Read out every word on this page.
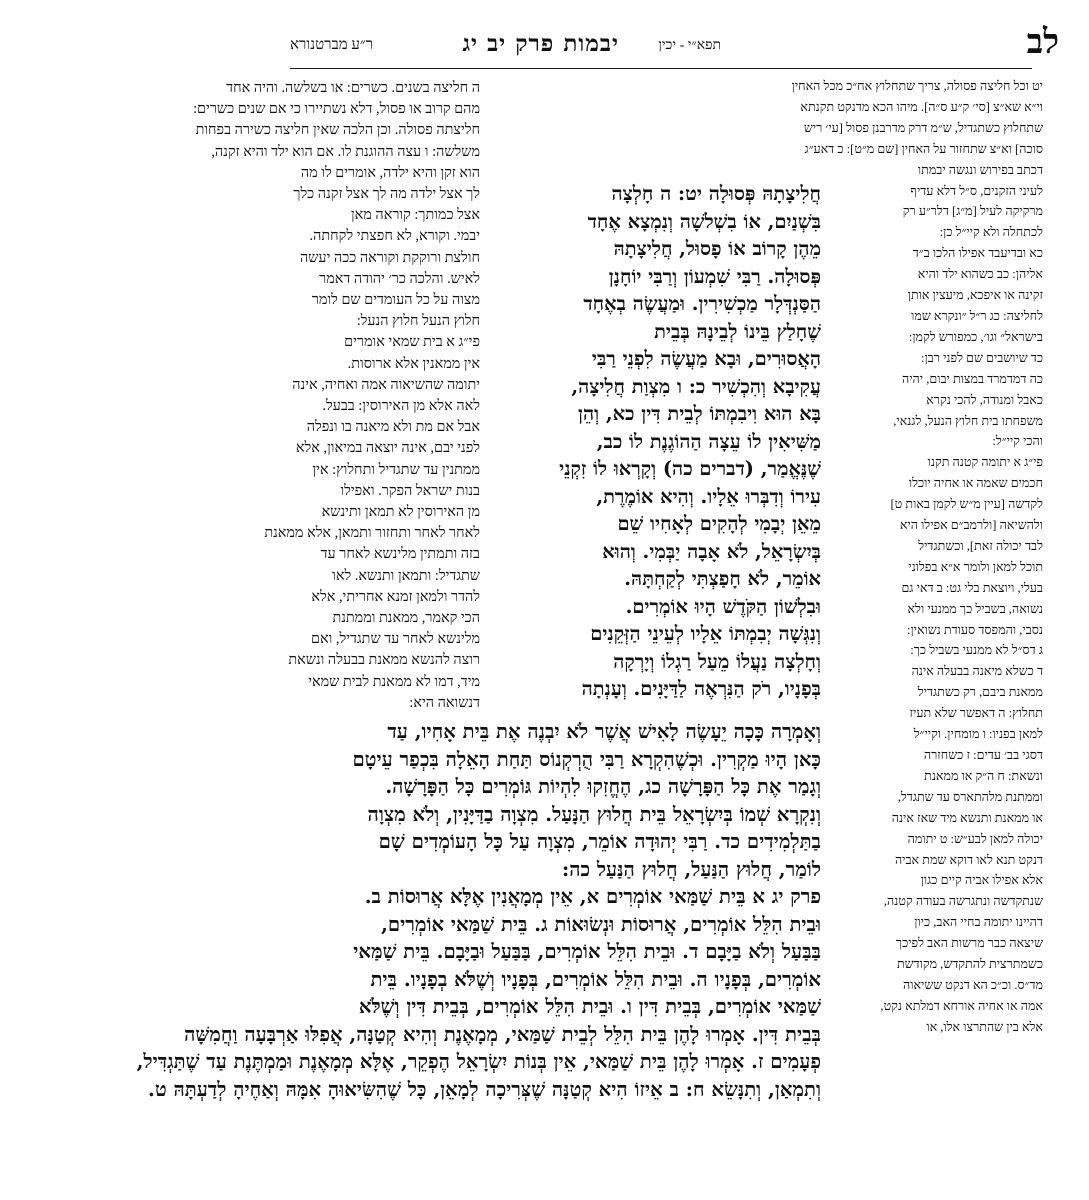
לב
תפא״י - יכין
יבמות פרק יב יג
ר״ע מברטנורא
יט וכל חליצה פסולה, צריך שתחלוץ אח״כ מכל האחין
וי״א שא״צ [סי׳ ק״ע ס״ה]. מיהו הכא מדנקט תקנתא
שתחלוץ כשתגדיל, ש״מ דרק מדרבנן פסול [עי׳ ריש
סוכה] וא״צ שתחזור על האחין [שם מ״ט]: כ דאע״ג
דכתב בפירוש ונגשה יבמתו
לעיני הזקנים, ס״ל דלא עדיף
מרקיקה לעיל [מ״ג] דלר״ע רק
לכתחלה ולא קיי״ל כן:
כא ובדיעבד אפילו הלכו ב״ד
אליהן: כב כשהוא ילד והיא
זקינה או איפכא, מיעצין אותן
לחליצה: כג ר״ל ״ונקרא שמו
בישראל״ וגו׳, כמפורש לקמן:
כד שיושבים שם לפני רבן:
כה דמדמרד במצות יבום, יהיה
כאבל ומנודה, להכי נקרא
משפחתו בית חלוץ הנעל, לגנאי,
והכי קיי״ל:
פי״ג א יתומה קטנה תקנו
חכמים שאמה או אחיה יוכלו
לקדשה [עיין מ״ש לקמן באות ט]
ולהשיאה [ולרמב״ם אפילו היא
לבד יכולה זאת], וכשתגדיל
תוכל למאן ולומר א״א בפלוני
בעלי, ויוצאת בלי גט: ב דאי גם
נשואה, בשביל כך ממנעי ולא
נסבי, והמפסד סעודת נשואין:
ג דס״ל לא ממנעי בשביל כך:
ד כשלא מיאנה בבעלה אינה
ממאנת ביבם, רק כשתגדיל
תחלוץ: ה דאפשר שלא תעיז
למאן בפניו: ו מומחין. וקיי״ל
דסגי בב׳ עדים: ז כשחזרה
ונשאת: ח ה״ק או ממאנת
וממתנת מלהתארס עד שתגדל,
או ממאנת ותנשא מיד שאז אינה
יכולה למאן לבע״ש: ט יתומה
דנקט תנא לאו דוקא שמת אביה
אלא אפילו אביה קיים כגון
שנתקדשה ונתגרשה בעודה קטנה,
דהיינו יתומה בחיי האב, כיון
שיצאה כבר מרשות האב לפיכך
כשמתרצית להתקדש, מקודשת
מד״ס. וכ״כ הא דנקט ששיאוה
אמה או אחיה אורחא דמלתא נקט,
אלא בין שהתרצו אלו, או
חֲלִיצָתָהּ פְּסוּלָה יט: ה חָלְצָה
בִּשְׁנַיִם, אוֹ בִשְׁלשָׁה וְנִמְצָא אֶחָד
מֵהֶן קָרוֹב אוֹ פָסוּל, חֲלִיצָתָהּ
פְּסוּלָה. רַבִּי שִׁמְעוֹן וְרַבִּי יוֹחָנָן
הַסַּנְדְּלָר מַכְשִׁירִין. וּמַעֲשֶׂה בְאֶחָד
שֶׁחָלַץ בֵּינוֹ לְבֵינָהּ בְּבֵית
הָאֲסוּרִים, וּבָא מַעֲשֶׂה לִפְנֵי רַבִּי
עֲקִיבָא וְהִכְשִׁיר כ: ו מִצְוַת חֲלִיצָה,
בָּא הוּא וִיבִמְתּוֹ לְבֵית דִּין כא, וְהֵן
מַשִּׁיאִין לוֹ עֵצָה הַהוֹגֶנֶת לוֹ כב,
שֶׁנֶּאֱמַר, (דברים כה) וְקָרְאוּ לוֹ זִקְנֵי
עִירוֹ וְדִבְּרוּ אֵלָיו. וְהִיא אוֹמֶרֶת,
מֵאֵן יְבָמִי לְהָקִים לְאָחִיו שֵׁם
בְּיִשְׂרָאֵל, לֹא אָבָה יַבְּמִי. וְהוּא
אוֹמֵר, לֹא חָפַצְתִּי לְקַחְתָּהּ.
וּבִלְשׁוֹן הַקֹּדֶשׁ הָיוּ אוֹמְרִים.
וְנִגְּשָׁה יְבִמְתּוֹ אֵלָיו לְעֵינֵי הַזְּקֵנִים
וְחָלְצָה נַעֲלוֹ מֵעַל רַגְלוֹ וְיָרְקָה
בְּפָנָיו, רֹק הַנִּרְאֶה לַדַּיָּנִים. וְעָנְתָה
ה חליצה בשנים. כשרים: או בשלשה. והיה אחד
מהם קרוב או פסול, דלא נשתיירו כי אם שנים כשרים:
חליצתה פסולה. וכן הלכה שאין חליצה כשירה בפחות
משלשה: ו עצה ההוגנת לו. אם הוא ילד והיא זקנה,
הוא זקן והיא ילדה, אומרים לו מה
לך אצל ילדה מה לך אצל זקנה כלך
אצל כמותך: קוראה מאן
יבמי. וקורא, לא חפצתי לקחתה.
חולצת ורוקקת וקוראה ככה יעשה
לאיש. והלכה כר׳ יהודה דאמר
מצוה על כל העומדים שם לומר
חלוץ הנעל חלוץ הנעל:
פי״ג א בית שמאי אומרים
אין ממאנין אלא ארוסות.
יתומה שהשיאוה אמה ואחיה, אינה
לאה אלא מן האירוסין: בבעל.
אבל אם מת ולא מיאנה בו ונפלה
לפני יבם, אינה יוצאה במיאון, אלא
ממתנין עד שתגדיל ותחלוץ: אין
בנות ישראל הפקר. ואפילו
מן האירוסין לא תמאן ותינשא
לאחר לאחר ותחזור ותמאן, אלא ממאנת
בזה ותמתין מלינשא לאחר עד
שתגדיל: ותמאן ותנשא. לאו
להדר ולמאן זמנא אחריתי, אלא
הכי קאמר, ממאנת וממתנת
מלינשא לאחר עד שתגדיל, ואם
רוצה להנשא ממאנת בבעלה ונשאת
מיד, דמו לא ממאנת לבית שמאי
דנשואה היא:
וְאָמְרָה כָּכָה יֵעָשֶׂה לָאִישׁ אֲשֶׁר לֹא יִבְנֶה אֶת בֵּית אָחִיו, עַד
כָּאן הָיוּ מַקְרִין. וּכְשֶׁהִקְרָא רַבִּי הֻרְקְנוֹס תַּחַת הָאֵלָה בִּכְפַר עֵיטָם
וְגָמַר אֶת כָּל הַפָּרָשָׁה כג, הֶחֱזִקוּ לִהְיוֹת גּוֹמְרִים כָּל הַפָּרָשָׁה.
וְנִקְרָא שְׁמוֹ בְּיִשְׂרָאֵל בֵּית חֲלוּץ הַנָּעַל. מִצְוָה בַדַּיָּנִין, וְלֹא מִצְוָה
בַתַּלְמִידִים כד. רַבִּי יְהוּדָה אוֹמֵר, מִצְוָה עַל כָּל הָעוֹמְדִים שָׁם
לוֹמַר, חֲלוּץ הַנַּעַל, חֲלוּץ הַנַּעַל כה:
פרק יג א בֵּית שַׁמַּאי אוֹמְרִים א, אֵין מְמָאֲנִין אֶלָּא אֲרוּסוֹת ב.
וּבֵית הִלֵּל אוֹמְרִים, אֲרוּסוֹת וּנְשׂוּאוֹת ג. בֵּית שַׁמַּאי אוֹמְרִים,
בַּבַּעַל וְלֹא בַיָּבָם ד. וּבֵית הִלֵּל אוֹמְרִים, בַּבַּעַל וּבַיָּבָם. בֵּית שַׁמַּאי
אוֹמְרִים, בְּפָנָיו ה. וּבֵית הִלֵּל אוֹמְרִים, בְּפָנָיו וְשֶׁלֹּא בְפָנָיו. בֵּית
שַׁמַּאי אוֹמְרִים, בְּבֵית דִּין ו. וּבֵית הִלֵּל אוֹמְרִים, בְּבֵית דִּין וְשֶׁלֹּא
בְּבֵית דִּין. אָמְרוּ לָהֶן בֵּית הִלֵּל לְבֵית שַׁמַּאי, מְמָאֶנֶת וְהִיא קְטַנָּה, אֲפִלּוּ אַרְבָּעָה וַחֲמִשָּׁה
פְעָמִים ז. אָמְרוּ לָהֶן בֵּית שַׁמַּאי, אֵין בְּנוֹת יִשְׂרָאֵל הֶפְקֵר, אֶלָּא מְמָאֶנֶת וּמַמְתֶּנֶת עַד שֶׁתַּגְדִּיל,
וְתִמְאַן, וְתִנָּשֵׂא ח: ב אֵיזוֹ הִיא קְטַנָּה שֶׁצְּרִיכָה לְמָאֵן, כָּל שֶׁהִשִּׂיאוּהָ אִמָּהּ וְאַחֶיהָ לְדַעְתָּהּ ט.
